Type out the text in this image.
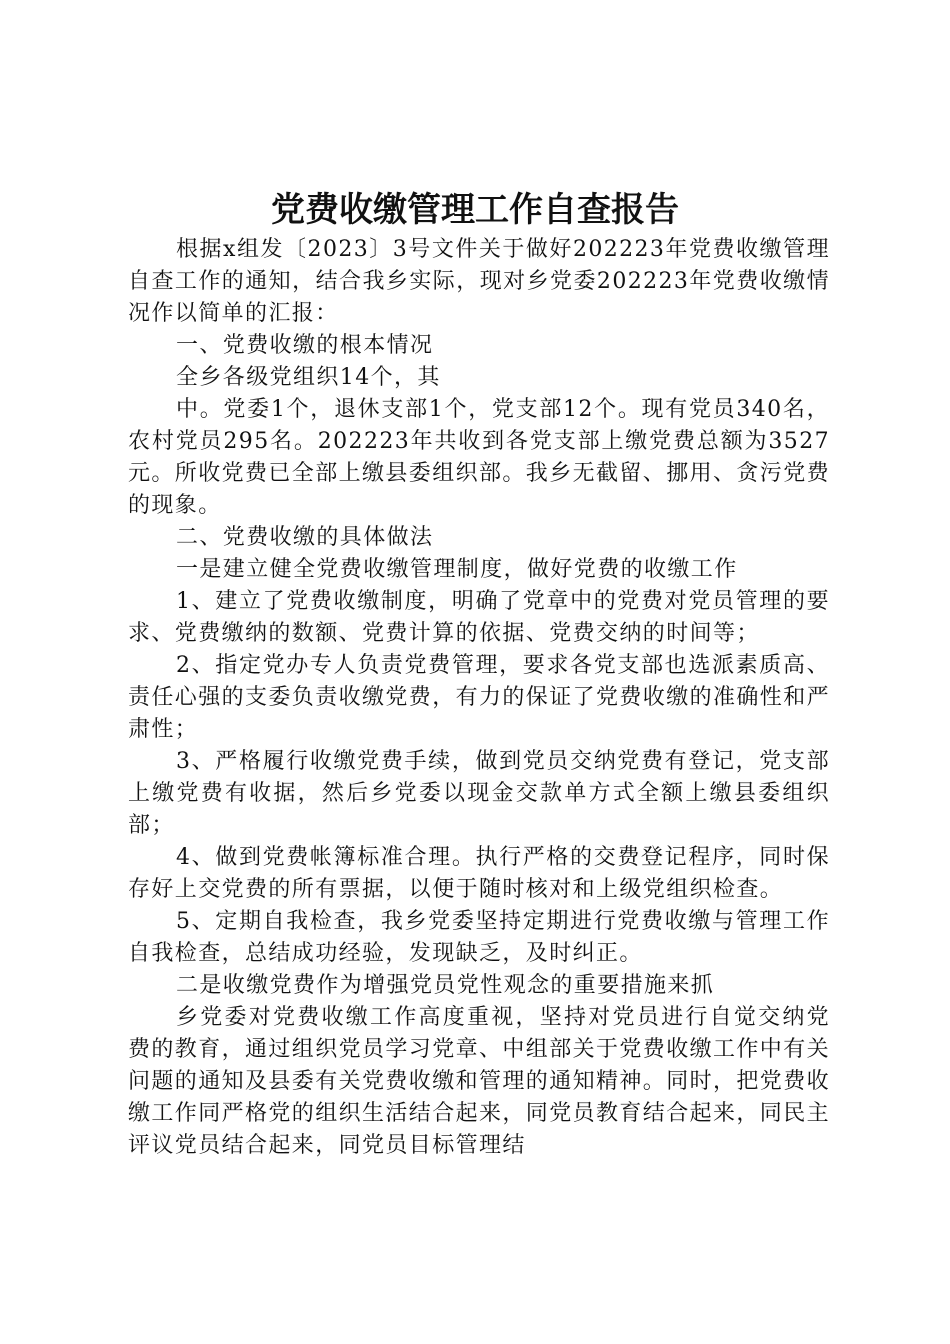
党费收缴管理工作自查报告

根据x组发〔2023〕3号文件关于做好202223年党费收缴管理自查工作的通知，结合我乡实际，现对乡党委202223年党费收缴情况作以简单的汇报：

一、党费收缴的根本情况

全乡各级党组织14个，其

中。党委1个，退休支部1个，党支部12个。现有党员340名，农村党员295名。202223年共收到各党支部上缴党费总额为3527元。所收党费已全部上缴县委组织部。我乡无截留、挪用、贪污党费的现象。

二、党费收缴的具体做法

一是建立健全党费收缴管理制度，做好党费的收缴工作

1、建立了党费收缴制度，明确了党章中的党费对党员管理的要求、党费缴纳的数额、党费计算的依据、党费交纳的时间等；

2、指定党办专人负责党费管理，要求各党支部也选派素质高、责任心强的支委负责收缴党费，有力的保证了党费收缴的准确性和严肃性；

3、严格履行收缴党费手续，做到党员交纳党费有登记，党支部上缴党费有收据，然后乡党委以现金交款单方式全额上缴县委组织部；

4、做到党费帐簿标准合理。执行严格的交费登记程序，同时保存好上交党费的所有票据，以便于随时核对和上级党组织检查。

5、定期自我检查，我乡党委坚持定期进行党费收缴与管理工作自我检查，总结成功经验，发现缺乏，及时纠正。

二是收缴党费作为增强党员党性观念的重要措施来抓

乡党委对党费收缴工作高度重视，坚持对党员进行自觉交纳党费的教育，通过组织党员学习党章、中组部关于党费收缴工作中有关问题的通知及县委有关党费收缴和管理的通知精神。同时，把党费收缴工作同严格党的组织生活结合起来，同党员教育结合起来，同民主评议党员结合起来，同党员目标管理结
